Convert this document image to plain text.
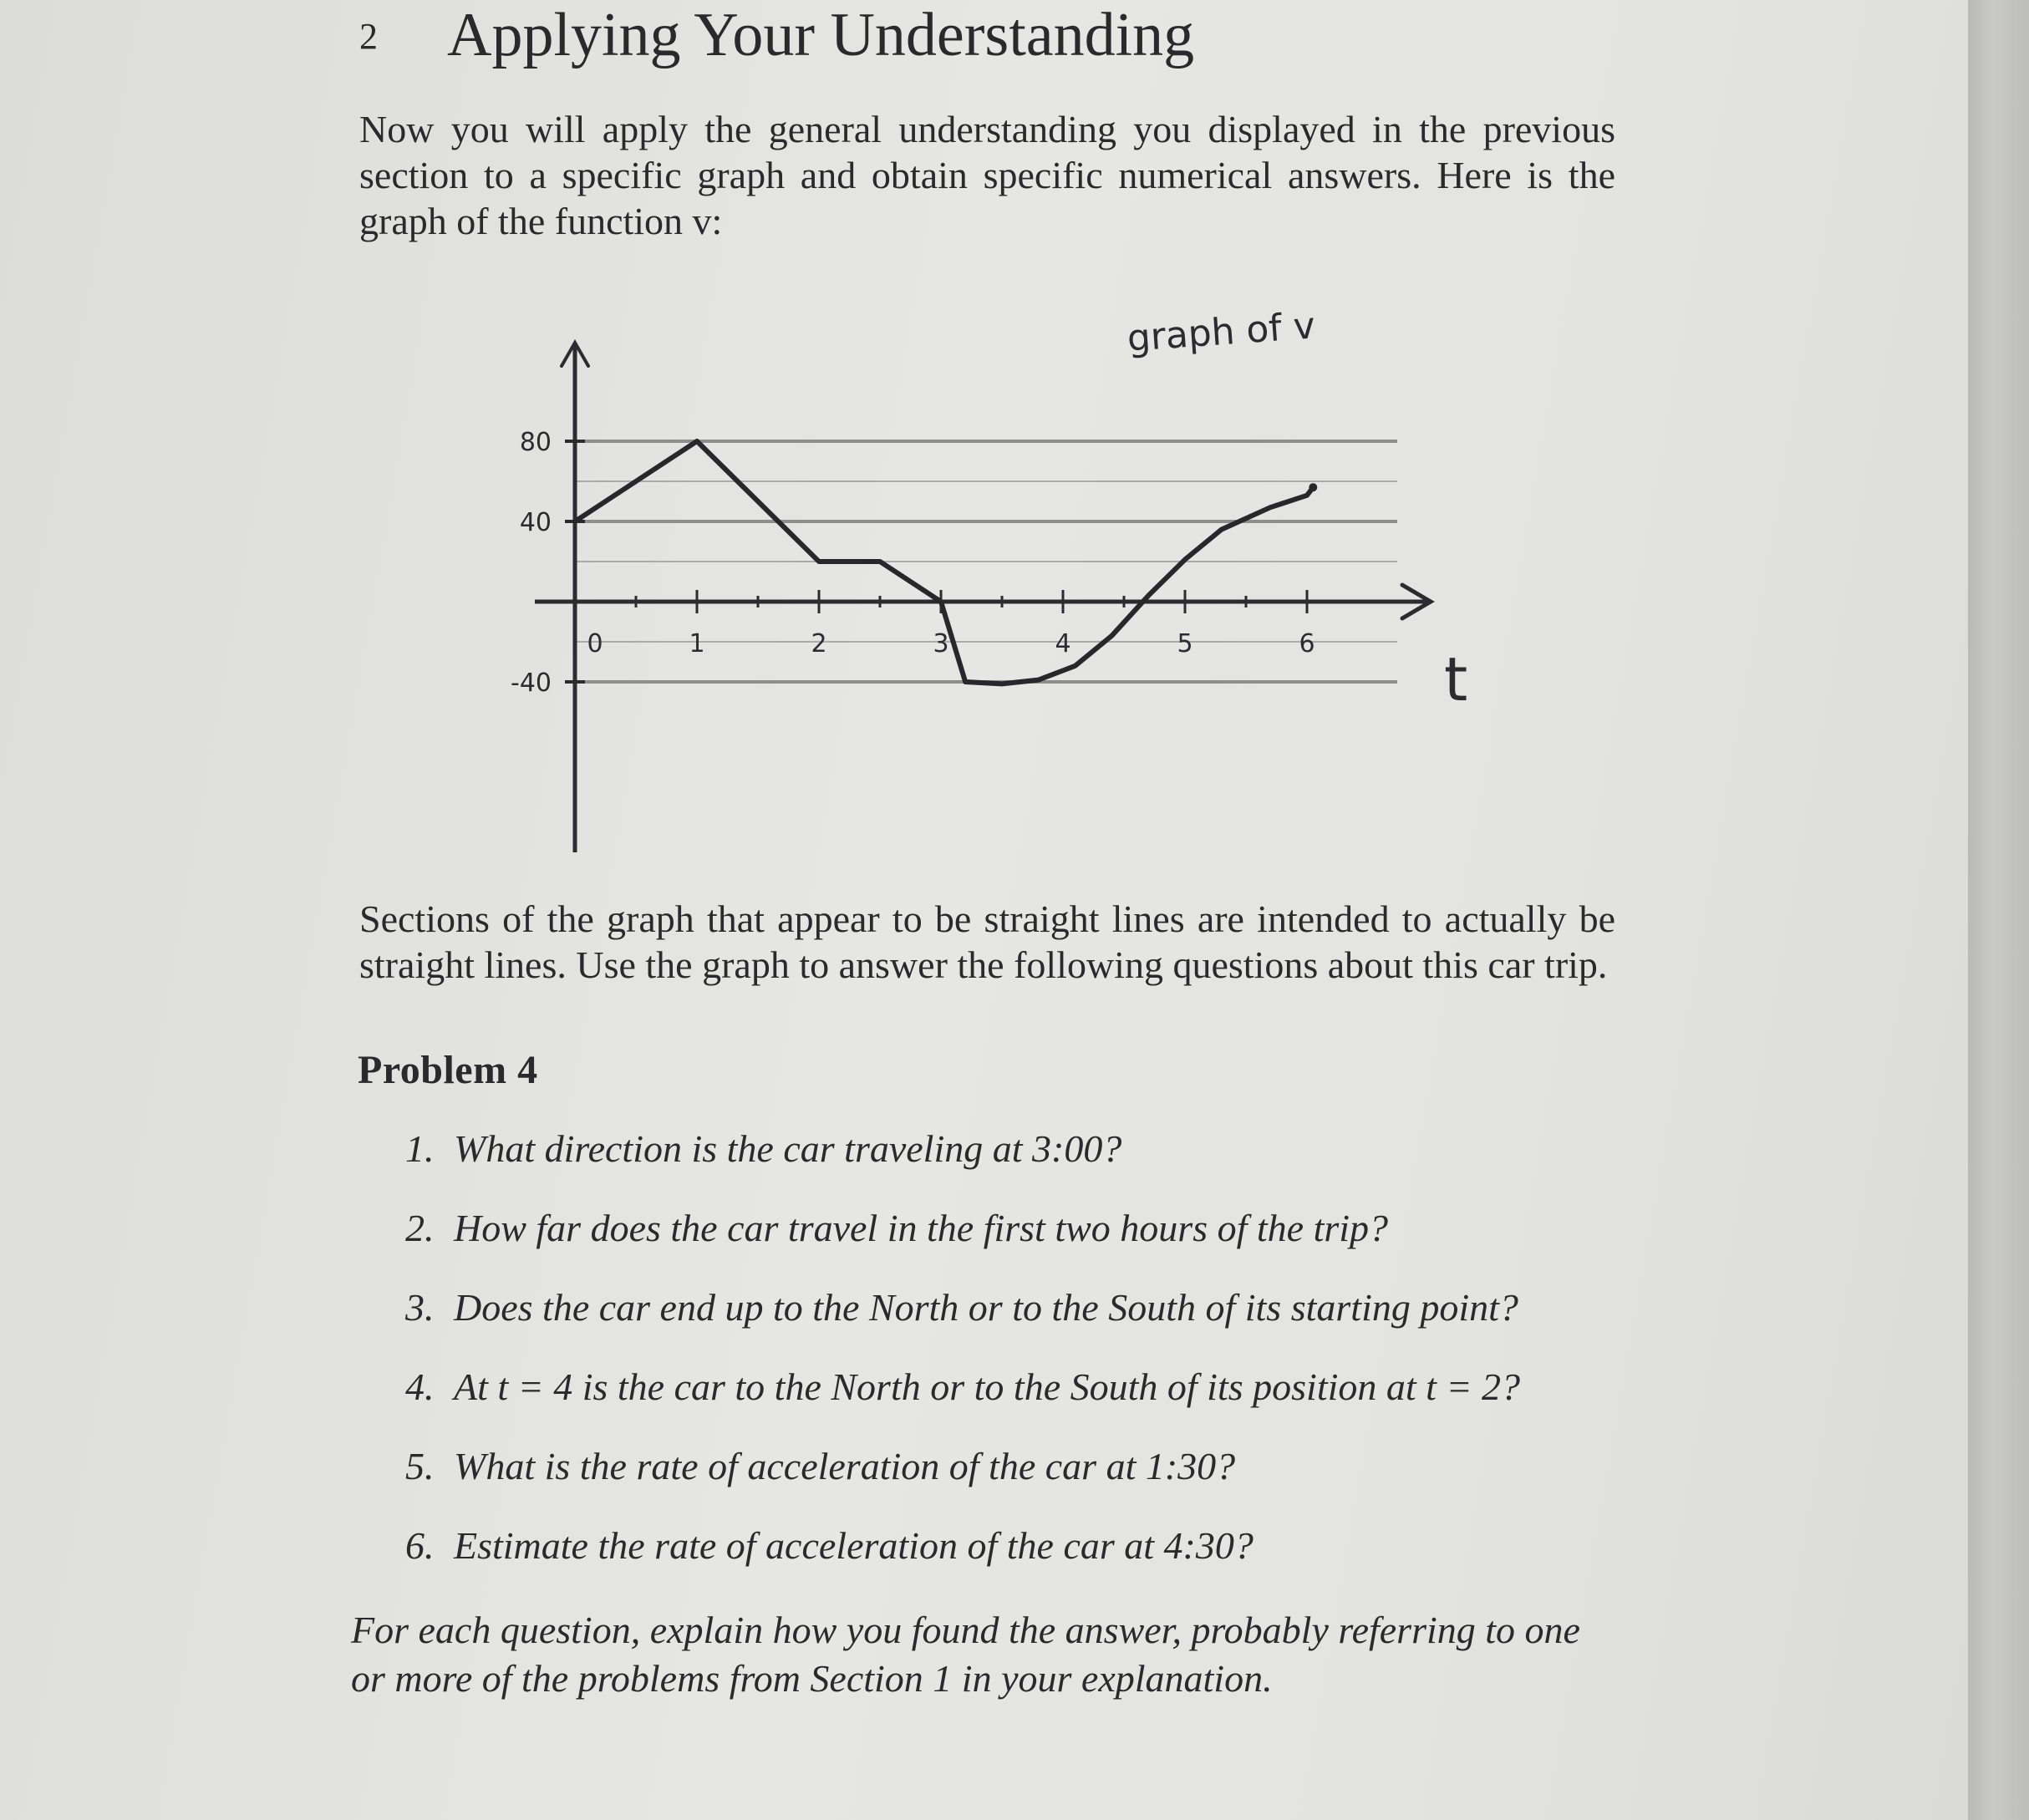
2 Applying Your Understanding
Now you will apply the general understanding you displayed in the previous section to a specific graph and obtain specific numerical answers. Here is the graph of the function v:
0	1	2	3	4	5	6
80
40
-40
graph of v
t
Sections of the graph that appear to be straight lines are intended to actually be straight lines. Use the graph to answer the following questions about this car trip.
Problem 4
1. What direction is the car traveling at 3:00?
2. How far does the car travel in the first two hours of the trip?
3. Does the car end up to the North or to the South of its starting point?
4. At t = 4 is the car to the North or to the South of its position at t = 2?
5. What is the rate of acceleration of the car at 1:30?
6. Estimate the rate of acceleration of the car at 4:30?
For each question, explain how you found the answer, probably referring to one or more of the problems from Section 1 in your explanation.
